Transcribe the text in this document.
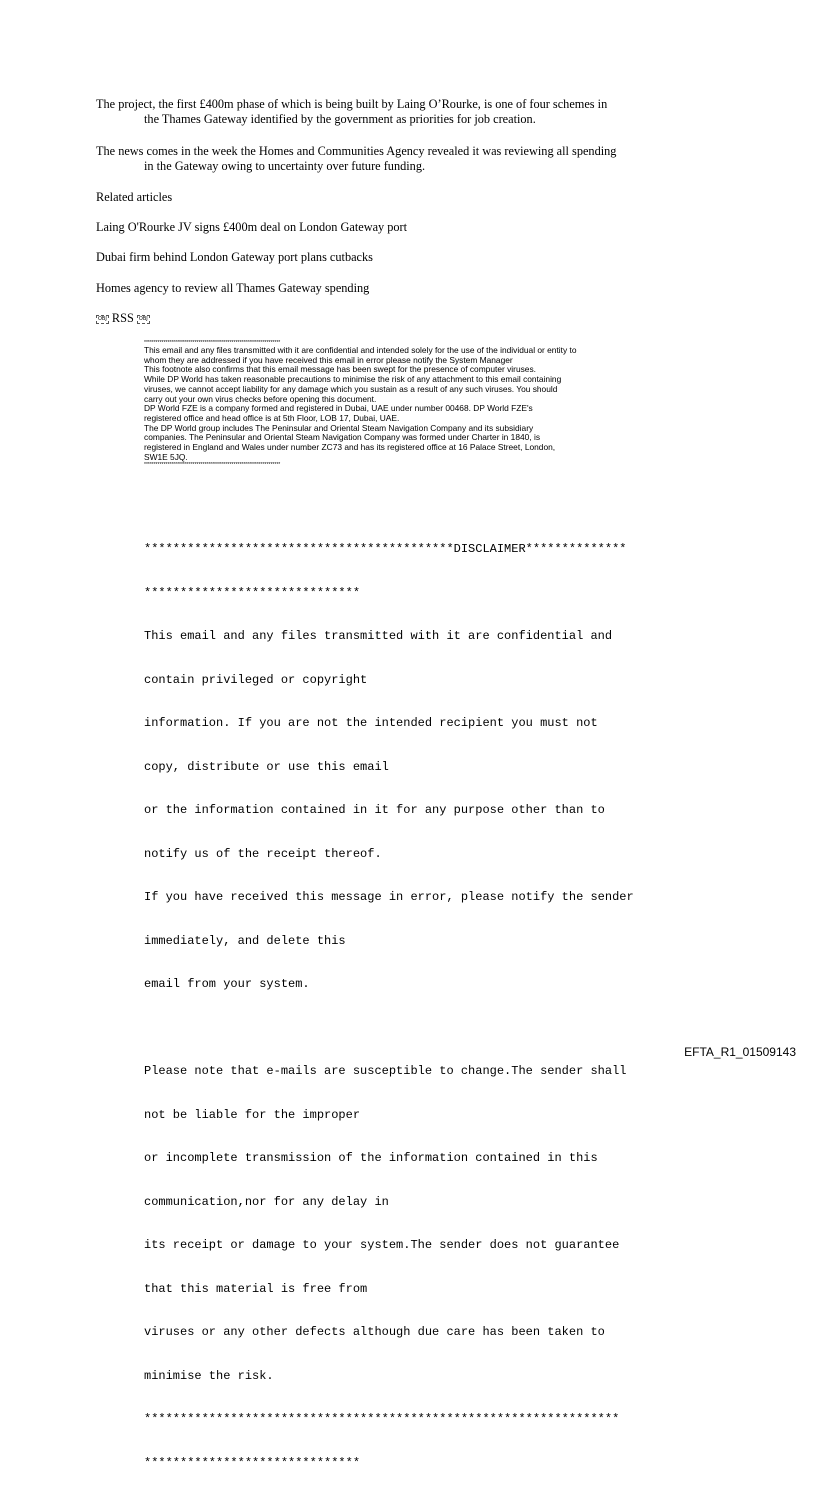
The project, the first £400m phase of which is being built by Laing O’Rourke, is one of four schemes in
the Thames Gateway identified by the government as priorities for job creation.

The news comes in the week the Homes and Communities Agency revealed it was reviewing all spending
in the Gateway owing to uncertainty over future funding.

Related articles

Laing O'Rourke JV signs £400m deal on London Gateway port

Dubai firm behind London Gateway port plans cutbacks

Homes agency to review all Thames Gateway spending

OBJ RSS OBJ

**********************************************************************
This email and any files transmitted with it are confidential and intended solely for the use of the individual or entity to
whom they are addressed if you have received this email in error please notify the System Manager
This footnote also confirms that this email message has been swept for the presence of computer viruses.
While DP World has taken reasonable precautions to minimise the risk of any attachment to this email containing
viruses, we cannot accept liability for any damage which you sustain as a result of any such viruses. You should
carry out your own virus checks before opening this document.
DP World FZE is a company formed and registered in Dubai, UAE under number 00468. DP World FZE's
registered office and head office is at 5th Floor, LOB 17, Dubai, UAE.
The DP World group includes The Peninsular and Oriental Steam Navigation Company and its subsidiary
companies. The Peninsular and Oriental Steam Navigation Company was formed under Charter in 1840, is
registered in England and Wales under number ZC73 and has its registered office at 16 Palace Street, London,
SW1E 5JQ.
**********************************************************************

*******************************************DISCLAIMER**************

******************************

This email and any files transmitted with it are confidential and

contain privileged or copyright

information. If you are not the intended recipient you must not

copy, distribute or use this email

or the information contained in it for any purpose other than to

notify us of the receipt thereof.

If you have received this message in error, please notify the sender

immediately, and delete this

email from your system.

Please note that e-mails are susceptible to change.The sender shall

not be liable for the improper

or incomplete transmission of the information contained in this

communication,nor for any delay in

its receipt or damage to your system.The sender does not guarantee

that this material is free from

viruses or any other defects although due care has been taken to

minimise the risk.

******************************************************************

******************************

EFTA_R1_01509143
